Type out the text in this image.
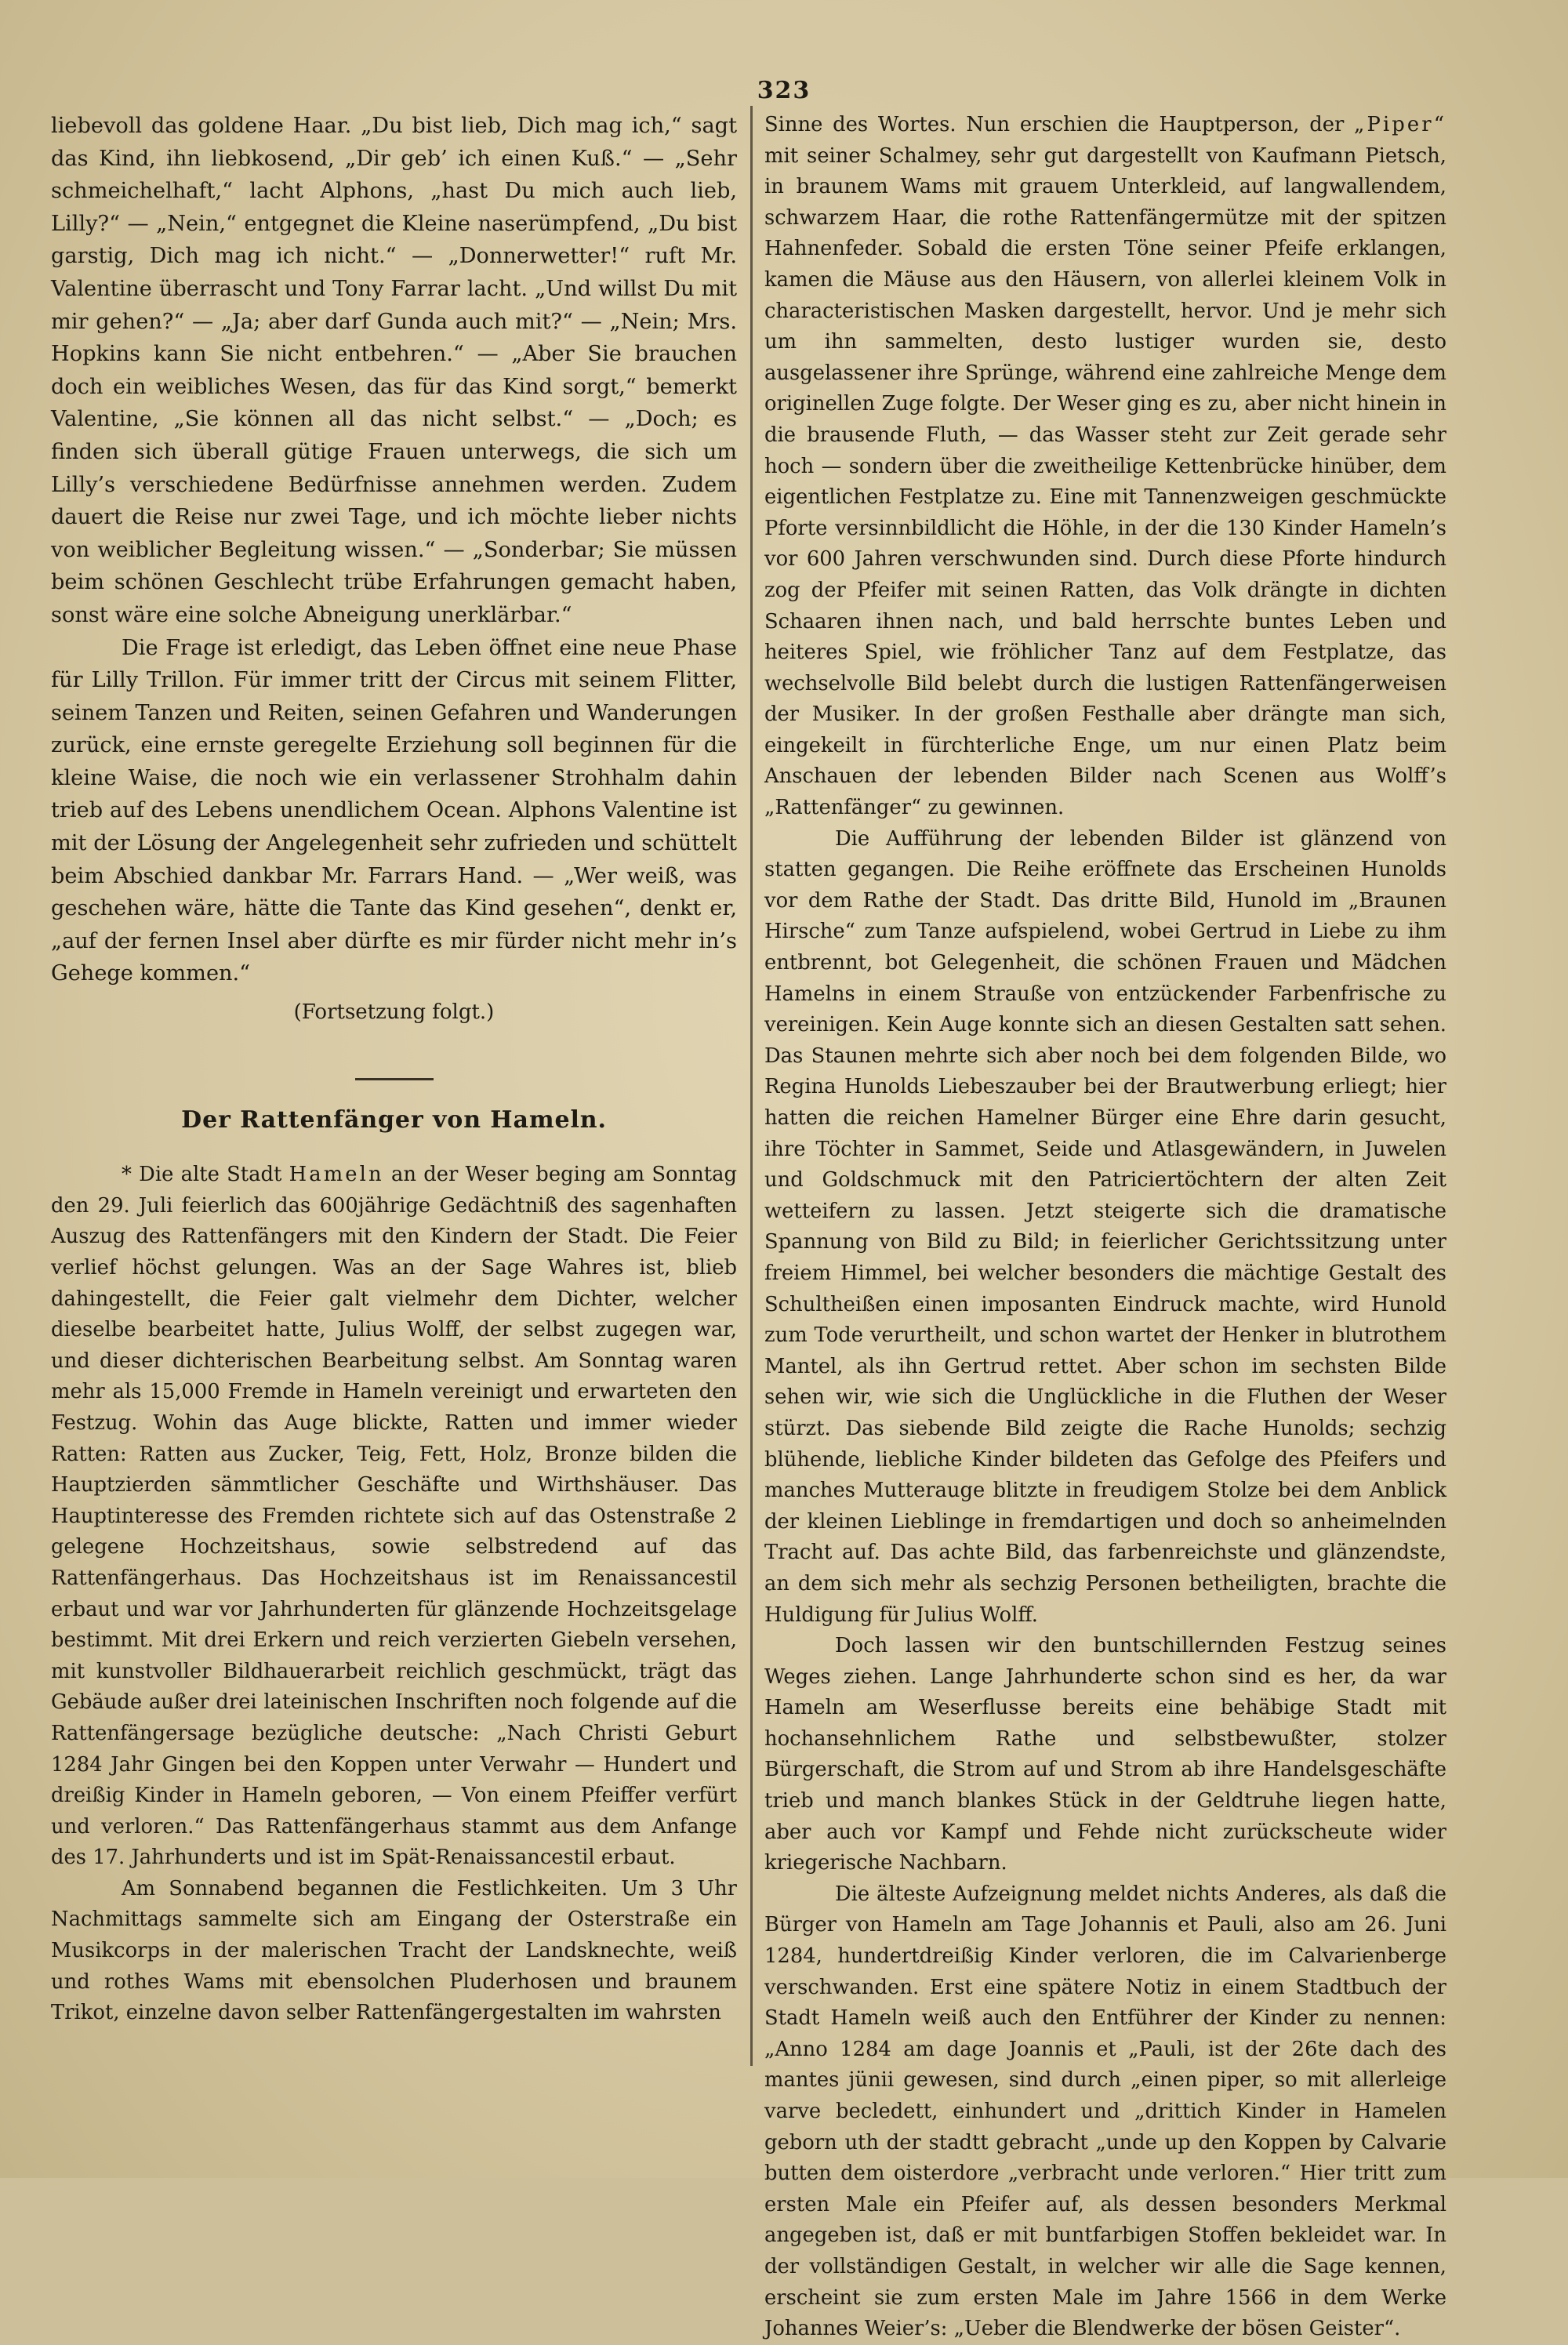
323

liebevoll das goldene Haar. „Du bist lieb, Dich mag ich,“ sagt das Kind, ihn liebkosend, „Dir geb’ ich einen Kuß.“ — „Sehr schmeichelhaft,“ lacht Alphons, „hast Du mich auch lieb, Lilly?“ — „Nein,“ entgegnet die Kleine naserümpfend, „Du bist garstig, Dich mag ich nicht.“ — „Donnerwetter!“ ruft Mr. Valentine überrascht und Tony Farrar lacht. „Und willst Du mit mir gehen?“ — „Ja; aber darf Gunda auch mit?“ — „Nein; Mrs. Hopkins kann Sie nicht entbehren.“ — „Aber Sie brauchen doch ein weibliches Wesen, das für das Kind sorgt,“ bemerkt Valentine, „Sie können all das nicht selbst.“ — „Doch; es finden sich überall gütige Frauen unterwegs, die sich um Lilly’s verschiedene Bedürfnisse annehmen werden. Zudem dauert die Reise nur zwei Tage, und ich möchte lieber nichts von weiblicher Begleitung wissen.“ — „Sonderbar; Sie müssen beim schönen Geschlecht trübe Erfahrungen gemacht haben, sonst wäre eine solche Abneigung unerklärbar.“

Die Frage ist erledigt, das Leben öffnet eine neue Phase für Lilly Trillon. Für immer tritt der Circus mit seinem Flitter, seinem Tanzen und Reiten, seinen Gefahren und Wanderungen zurück, eine ernste geregelte Erziehung soll beginnen für die kleine Waise, die noch wie ein verlassener Strohhalm dahin trieb auf des Lebens unendlichem Ocean. Alphons Valentine ist mit der Lösung der Angelegenheit sehr zufrieden und schüttelt beim Abschied dankbar Mr. Farrars Hand. — „Wer weiß, was geschehen wäre, hätte die Tante das Kind gesehen“, denkt er, „auf der fernen Insel aber dürfte es mir fürder nicht mehr in’s Gehege kommen.“

(Fortsetzung folgt.)

Der Rattenfänger von Hameln.

* Die alte Stadt Hameln an der Weser beging am Sonntag den 29. Juli feierlich das 600jährige Gedächtniß des sagenhaften Auszug des Rattenfängers mit den Kindern der Stadt. Die Feier verlief höchst gelungen. Was an der Sage Wahres ist, blieb dahingestellt, die Feier galt vielmehr dem Dichter, welcher dieselbe bearbeitet hatte, Julius Wolff, der selbst zugegen war, und dieser dichterischen Bearbeitung selbst. Am Sonntag waren mehr als 15,000 Fremde in Hameln vereinigt und erwarteten den Festzug. Wohin das Auge blickte, Ratten und immer wieder Ratten: Ratten aus Zucker, Teig, Fett, Holz, Bronze bilden die Hauptzierden sämmtlicher Geschäfte und Wirthshäuser. Das Hauptinteresse des Fremden richtete sich auf das Ostenstraße 2 gelegene Hochzeitshaus, sowie selbstredend auf das Rattenfängerhaus. Das Hochzeitshaus ist im Renaissancestil erbaut und war vor Jahrhunderten für glänzende Hochzeitsgelage bestimmt. Mit drei Erkern und reich verzierten Giebeln versehen, mit kunstvoller Bildhauerarbeit reichlich geschmückt, trägt das Gebäude außer drei lateinischen Inschriften noch folgende auf die Rattenfängersage bezügliche deutsche: „Nach Christi Geburt 1284 Jahr Gingen bei den Koppen unter Verwahr — Hundert und dreißig Kinder in Hameln geboren, — Von einem Pfeiffer verfürt und verloren.“ Das Rattenfängerhaus stammt aus dem Anfange des 17. Jahrhunderts und ist im Spät-Renaissancestil erbaut.

Am Sonnabend begannen die Festlichkeiten. Um 3 Uhr Nachmittags sammelte sich am Eingang der Osterstraße ein Musikcorps in der malerischen Tracht der Landsknechte, weiß und rothes Wams mit ebensolchen Pluderhosen und braunem Trikot, einzelne davon selber Rattenfängergestalten im wahrsten

Sinne des Wortes. Nun erschien die Hauptperson, der „Piper“ mit seiner Schalmey, sehr gut dargestellt von Kaufmann Pietsch, in braunem Wams mit grauem Unterkleid, auf langwallendem, schwarzem Haar, die rothe Rattenfängermütze mit der spitzen Hahnenfeder. Sobald die ersten Töne seiner Pfeife erklangen, kamen die Mäuse aus den Häusern, von allerlei kleinem Volk in characteristischen Masken dargestellt, hervor. Und je mehr sich um ihn sammelten, desto lustiger wurden sie, desto ausgelassener ihre Sprünge, während eine zahlreiche Menge dem originellen Zuge folgte. Der Weser ging es zu, aber nicht hinein in die brausende Fluth, — das Wasser steht zur Zeit gerade sehr hoch — sondern über die zweitheilige Kettenbrücke hinüber, dem eigentlichen Festplatze zu. Eine mit Tannenzweigen geschmückte Pforte versinnbildlicht die Höhle, in der die 130 Kinder Hameln’s vor 600 Jahren verschwunden sind. Durch diese Pforte hindurch zog der Pfeifer mit seinen Ratten, das Volk drängte in dichten Schaaren ihnen nach, und bald herrschte buntes Leben und heiteres Spiel, wie fröhlicher Tanz auf dem Festplatze, das wechselvolle Bild belebt durch die lustigen Rattenfängerweisen der Musiker. In der großen Festhalle aber drängte man sich, eingekeilt in fürchterliche Enge, um nur einen Platz beim Anschauen der lebenden Bilder nach Scenen aus Wolff’s „Rattenfänger“ zu gewinnen.

Die Aufführung der lebenden Bilder ist glänzend von statten gegangen. Die Reihe eröffnete das Erscheinen Hunolds vor dem Rathe der Stadt. Das dritte Bild, Hunold im „Braunen Hirsche“ zum Tanze aufspielend, wobei Gertrud in Liebe zu ihm entbrennt, bot Gelegenheit, die schönen Frauen und Mädchen Hamelns in einem Strauße von entzückender Farbenfrische zu vereinigen. Kein Auge konnte sich an diesen Gestalten satt sehen. Das Staunen mehrte sich aber noch bei dem folgenden Bilde, wo Regina Hunolds Liebeszauber bei der Brautwerbung erliegt; hier hatten die reichen Hamelner Bürger eine Ehre darin gesucht, ihre Töchter in Sammet, Seide und Atlasgewändern, in Juwelen und Goldschmuck mit den Patriciertöchtern der alten Zeit wetteifern zu lassen. Jetzt steigerte sich die dramatische Spannung von Bild zu Bild; in feierlicher Gerichtssitzung unter freiem Himmel, bei welcher besonders die mächtige Gestalt des Schultheißen einen imposanten Eindruck machte, wird Hunold zum Tode verurtheilt, und schon wartet der Henker in blutrothem Mantel, als ihn Gertrud rettet. Aber schon im sechsten Bilde sehen wir, wie sich die Unglückliche in die Fluthen der Weser stürzt. Das siebende Bild zeigte die Rache Hunolds; sechzig blühende, liebliche Kinder bildeten das Gefolge des Pfeifers und manches Mutterauge blitzte in freudigem Stolze bei dem Anblick der kleinen Lieblinge in fremdartigen und doch so anheimelnden Tracht auf. Das achte Bild, das farbenreichste und glänzendste, an dem sich mehr als sechzig Personen betheiligten, brachte die Huldigung für Julius Wolff.

Doch lassen wir den buntschillernden Festzug seines Weges ziehen. Lange Jahrhunderte schon sind es her, da war Hameln am Weserflusse bereits eine behäbige Stadt mit hochansehnlichem Rathe und selbstbewußter, stolzer Bürgerschaft, die Strom auf und Strom ab ihre Handelsgeschäfte trieb und manch blankes Stück in der Geldtruhe liegen hatte, aber auch vor Kampf und Fehde nicht zurückscheute wider kriegerische Nachbarn.

Die älteste Aufzeignung meldet nichts Anderes, als daß die Bürger von Hameln am Tage Johannis et Pauli, also am 26. Juni 1284, hundertdreißig Kinder verloren, die im Calvarienberge verschwanden. Erst eine spätere Notiz in einem Stadtbuch der Stadt Hameln weiß auch den Entführer der Kinder zu nennen: „Anno 1284 am dage Joannis et „Pauli, ist der 26te dach des mantes jünii gewesen, sind durch „einen piper, so mit allerleige varve becledett, einhundert und „drittich Kinder in Hamelen geborn uth der stadtt gebracht „unde up den Koppen by Calvarie butten dem oisterdore „verbracht unde verloren.“ Hier tritt zum ersten Male ein Pfeifer auf, als dessen besonders Merkmal angegeben ist, daß er mit buntfarbigen Stoffen bekleidet war. In der vollständigen Gestalt, in welcher wir alle die Sage kennen, erscheint sie zum ersten Male im Jahre 1566 in dem Werke Johannes Weier’s: „Ueber die Blendwerke der bösen Geister“.
